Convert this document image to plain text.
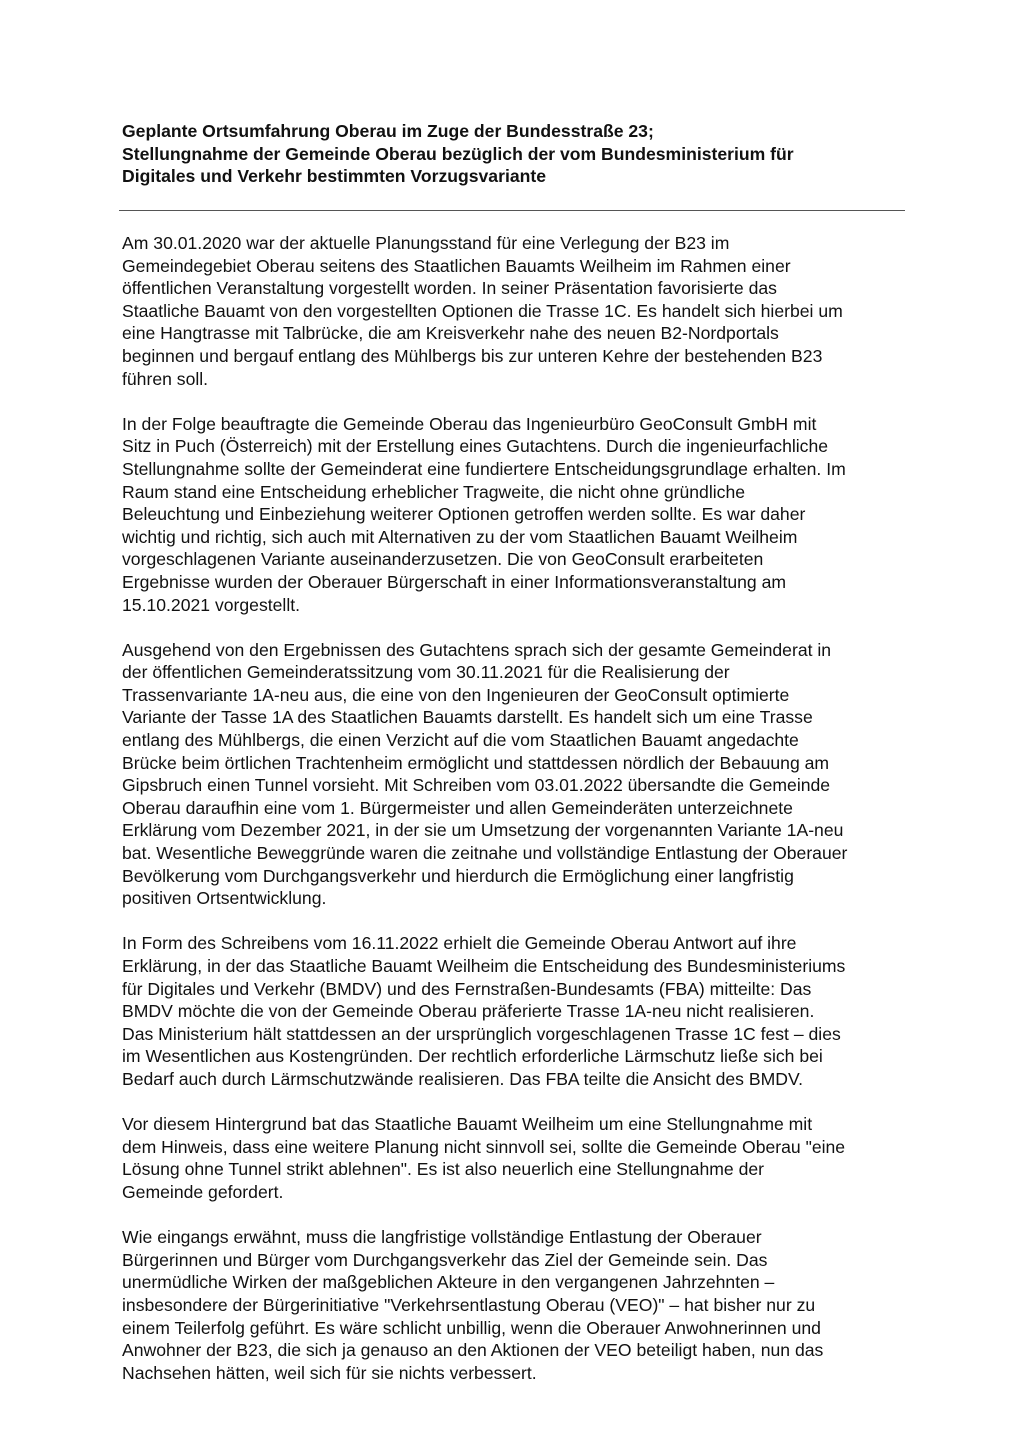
Geplante Ortsumfahrung Oberau im Zuge der Bundesstraße 23;
Stellungnahme der Gemeinde Oberau bezüglich der vom Bundesministerium für
Digitales und Verkehr bestimmten Vorzugsvariante
Am 30.01.2020 war der aktuelle Planungsstand für eine Verlegung der B23 im
Gemeindegebiet Oberau seitens des Staatlichen Bauamts Weilheim im Rahmen einer
öffentlichen Veranstaltung vorgestellt worden. In seiner Präsentation favorisierte das
Staatliche Bauamt von den vorgestellten Optionen die Trasse 1C. Es handelt sich hierbei um
eine Hangtrasse mit Talbrücke, die am Kreisverkehr nahe des neuen B2-Nordportals
beginnen und bergauf entlang des Mühlbergs bis zur unteren Kehre der bestehenden B23
führen soll.
In der Folge beauftragte die Gemeinde Oberau das Ingenieurbüro GeoConsult GmbH mit
Sitz in Puch (Österreich) mit der Erstellung eines Gutachtens. Durch die ingenieurfachliche
Stellungnahme sollte der Gemeinderat eine fundiertere Entscheidungsgrundlage erhalten. Im
Raum stand eine Entscheidung erheblicher Tragweite, die nicht ohne gründliche
Beleuchtung und Einbeziehung weiterer Optionen getroffen werden sollte. Es war daher
wichtig und richtig, sich auch mit Alternativen zu der vom Staatlichen Bauamt Weilheim
vorgeschlagenen Variante auseinanderzusetzen. Die von GeoConsult erarbeiteten
Ergebnisse wurden der Oberauer Bürgerschaft in einer Informationsveranstaltung am
15.10.2021 vorgestellt.
Ausgehend von den Ergebnissen des Gutachtens sprach sich der gesamte Gemeinderat in
der öffentlichen Gemeinderatssitzung vom 30.11.2021 für die Realisierung der
Trassenvariante 1A-neu aus, die eine von den Ingenieuren der GeoConsult optimierte
Variante der Tasse 1A des Staatlichen Bauamts darstellt. Es handelt sich um eine Trasse
entlang des Mühlbergs, die einen Verzicht auf die vom Staatlichen Bauamt angedachte
Brücke beim örtlichen Trachtenheim ermöglicht und stattdessen nördlich der Bebauung am
Gipsbruch einen Tunnel vorsieht. Mit Schreiben vom 03.01.2022 übersandte die Gemeinde
Oberau daraufhin eine vom 1. Bürgermeister und allen Gemeinderäten unterzeichnete
Erklärung vom Dezember 2021, in der sie um Umsetzung der vorgenannten Variante 1A-neu
bat. Wesentliche Beweggründe waren die zeitnahe und vollständige Entlastung der Oberauer
Bevölkerung vom Durchgangsverkehr und hierdurch die Ermöglichung einer langfristig
positiven Ortsentwicklung.
In Form des Schreibens vom 16.11.2022 erhielt die Gemeinde Oberau Antwort auf ihre
Erklärung, in der das Staatliche Bauamt Weilheim die Entscheidung des Bundesministeriums
für Digitales und Verkehr (BMDV) und des Fernstraßen-Bundesamts (FBA) mitteilte: Das
BMDV möchte die von der Gemeinde Oberau präferierte Trasse 1A-neu nicht realisieren.
Das Ministerium hält stattdessen an der ursprünglich vorgeschlagenen Trasse 1C fest – dies
im Wesentlichen aus Kostengründen. Der rechtlich erforderliche Lärmschutz ließe sich bei
Bedarf auch durch Lärmschutzwände realisieren. Das FBA teilte die Ansicht des BMDV.
Vor diesem Hintergrund bat das Staatliche Bauamt Weilheim um eine Stellungnahme mit
dem Hinweis, dass eine weitere Planung nicht sinnvoll sei, sollte die Gemeinde Oberau "eine
Lösung ohne Tunnel strikt ablehnen". Es ist also neuerlich eine Stellungnahme der
Gemeinde gefordert.
Wie eingangs erwähnt, muss die langfristige vollständige Entlastung der Oberauer
Bürgerinnen und Bürger vom Durchgangsverkehr das Ziel der Gemeinde sein. Das
unermüdliche Wirken der maßgeblichen Akteure in den vergangenen Jahrzehnten –
insbesondere der Bürgerinitiative "Verkehrsentlastung Oberau (VEO)" – hat bisher nur zu
einem Teilerfolg geführt. Es wäre schlicht unbillig, wenn die Oberauer Anwohnerinnen und
Anwohner der B23, die sich ja genauso an den Aktionen der VEO beteiligt haben, nun das
Nachsehen hätten, weil sich für sie nichts verbessert.
